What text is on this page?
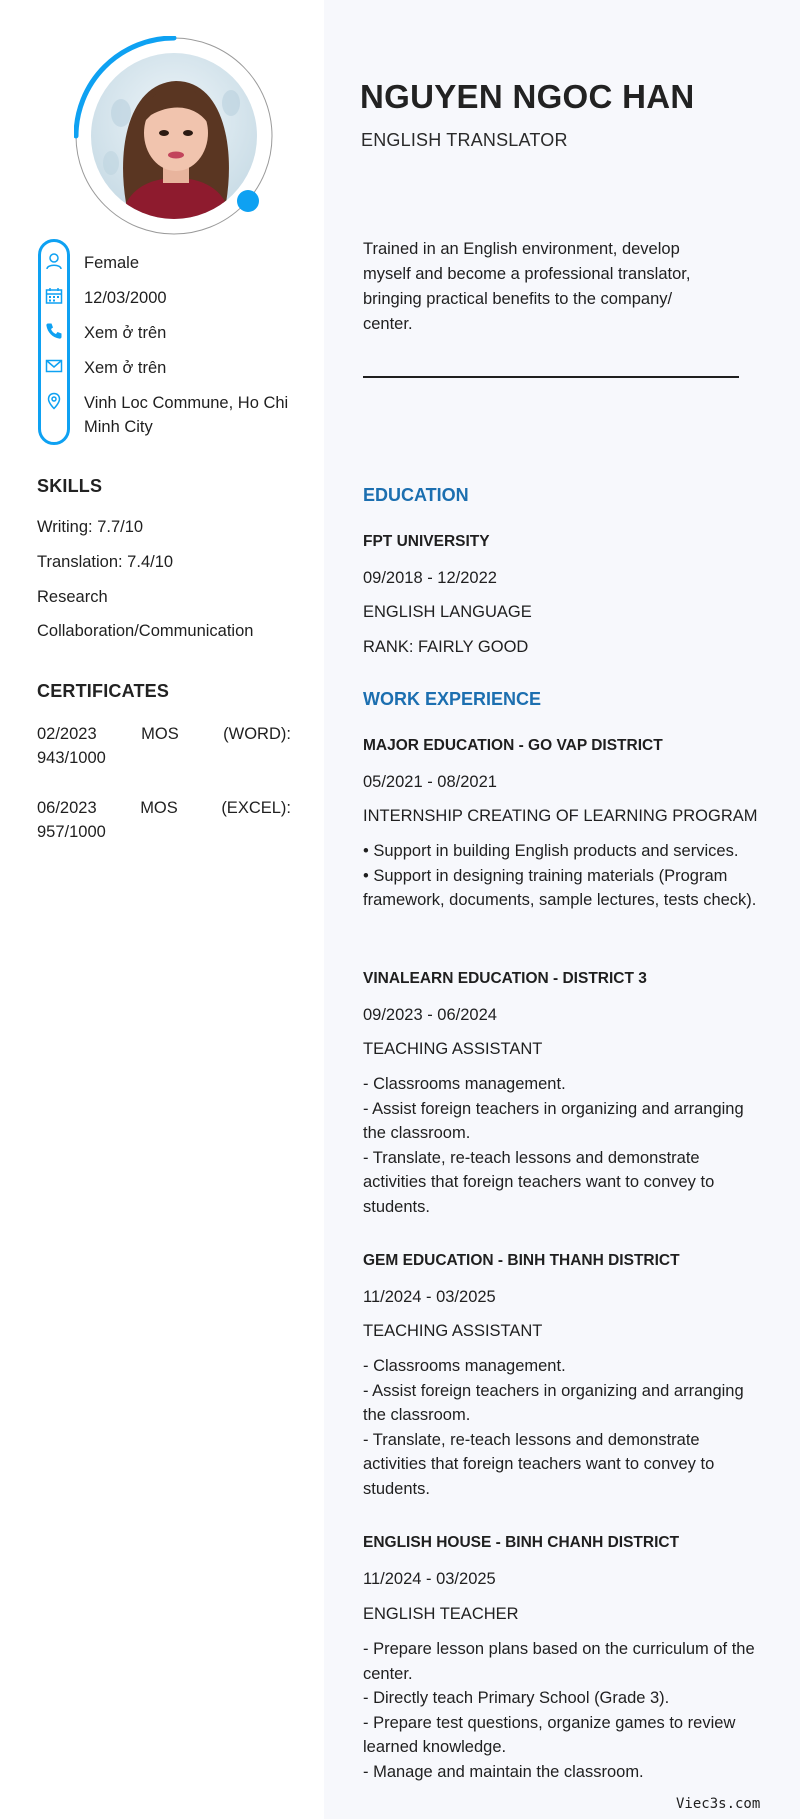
Female
12/03/2000
Xem ở trên
Xem ở trên
Vinh Loc Commune, Ho Chi
Minh City
SKILLS
Writing: 7.7/10
Translation: 7.4/10
Research
Collaboration/Communication
CERTIFICATES
02/2023	MOS	(WORD):
943/1000
06/2023	MOS	(EXCEL):
957/1000
NGUYEN NGOC HAN
ENGLISH TRANSLATOR
Trained in an English environment, develop myself and become a professional translator, bringing practical benefits to the company/ center.
EDUCATION
FPT UNIVERSITY
09/2018 - 12/2022
ENGLISH LANGUAGE
RANK: FAIRLY GOOD
WORK EXPERIENCE
MAJOR EDUCATION - GO VAP DISTRICT
05/2021 - 08/2021
INTERNSHIP CREATING OF LEARNING PROGRAM
• Support in building English products and services.
• Support in designing training materials (Program framework, documents, sample lectures, tests check).
VINALEARN EDUCATION - DISTRICT 3
09/2023 - 06/2024
TEACHING ASSISTANT
- Classrooms management.
- Assist foreign teachers in organizing and arranging the classroom.
- Translate, re-teach lessons and demonstrate activities that foreign teachers want to convey to students.
GEM EDUCATION - BINH THANH DISTRICT
11/2024 - 03/2025
TEACHING ASSISTANT
- Classrooms management.
- Assist foreign teachers in organizing and arranging the classroom.
- Translate, re-teach lessons and demonstrate activities that foreign teachers want to convey to students.
ENGLISH HOUSE - BINH CHANH DISTRICT
11/2024 - 03/2025
ENGLISH TEACHER
- Prepare lesson plans based on the curriculum of the center.
- Directly teach Primary School (Grade 3).
- Prepare test questions, organize games to review learned knowledge.
- Manage and maintain the classroom.
Viec3s.com
